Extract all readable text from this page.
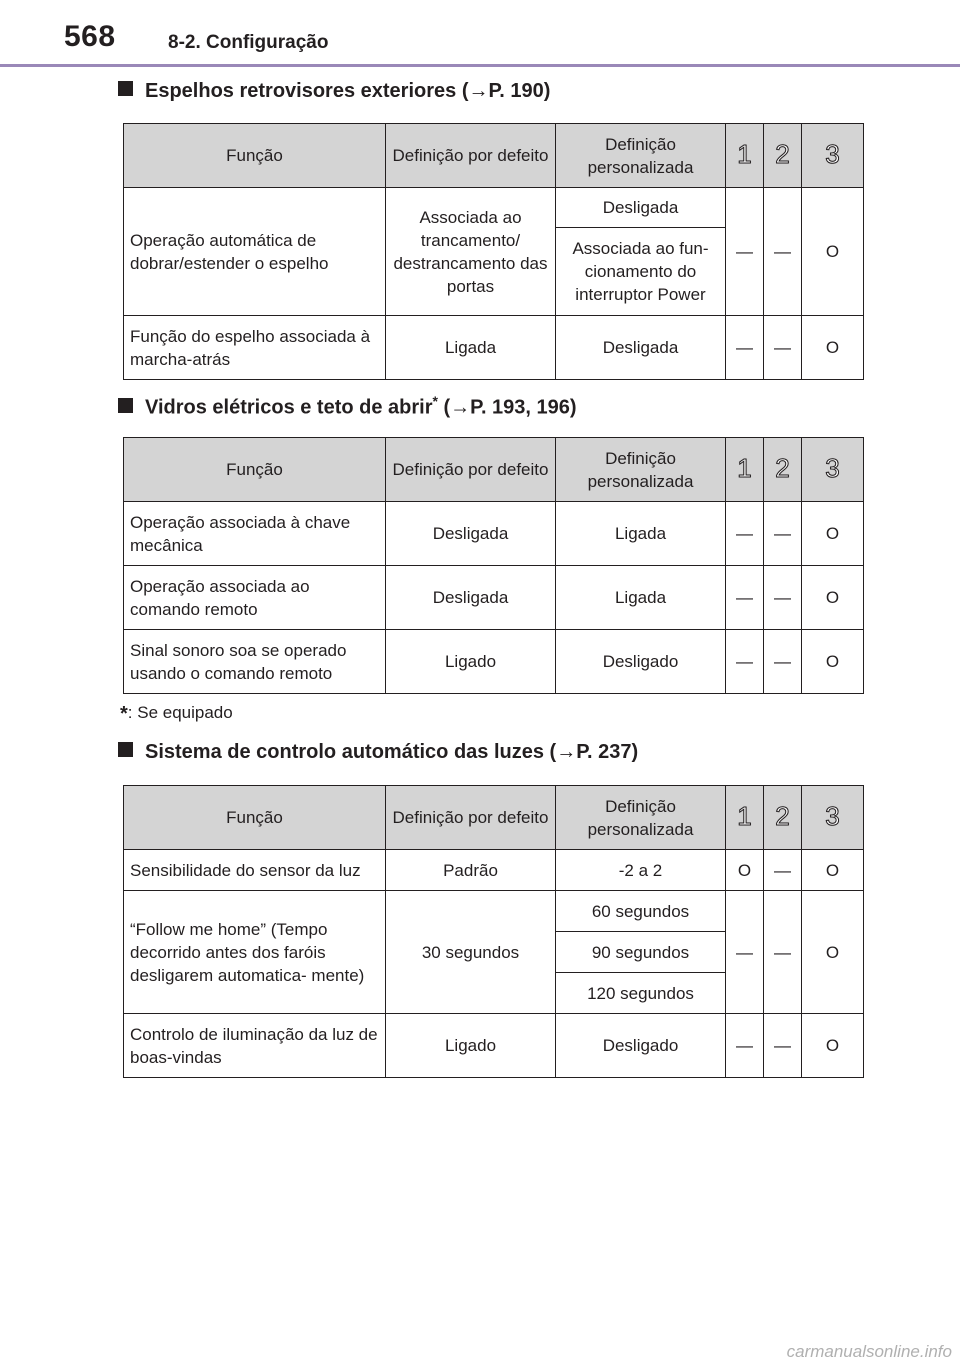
568	8-2. Configuração
Espelhos retrovisores exteriores (→P. 190)
Função	Definição por defeito	Definição personalizada	1	2	3
Operação automática de dobrar/estender o espelho	Associada ao trancamento/ destrancamento das portas	Desligada	—	—	O
		Associada ao fun- cionamento do interruptor Power			
Função do espelho associada à marcha-atrás	Ligada	Desligada	—	—	O
Vidros elétricos e teto de abrir* (→P. 193, 196)
Função	Definição por defeito	Definição personalizada	1	2	3
Operação associada à chave mecânica	Desligada	Ligada	—	—	O
Operação associada ao comando remoto	Desligada	Ligada	—	—	O
Sinal sonoro soa se operado usando o comando remoto	Ligado	Desligado	—	—	O
*: Se equipado
Sistema de controlo automático das luzes (→P. 237)
Função	Definição por defeito	Definição personalizada	1	2	3
Sensibilidade do sensor da luz	Padrão	-2 a 2	O	—	O
“Follow me home” (Tempo decorrido antes dos faróis desligarem automatica- mente)	30 segundos	60 segundos	—	—	O
		90 segundos			
		120 segundos			
Controlo de iluminação da luz de boas-vindas	Ligado	Desligado	—	—	O
carmanualsonline.info
